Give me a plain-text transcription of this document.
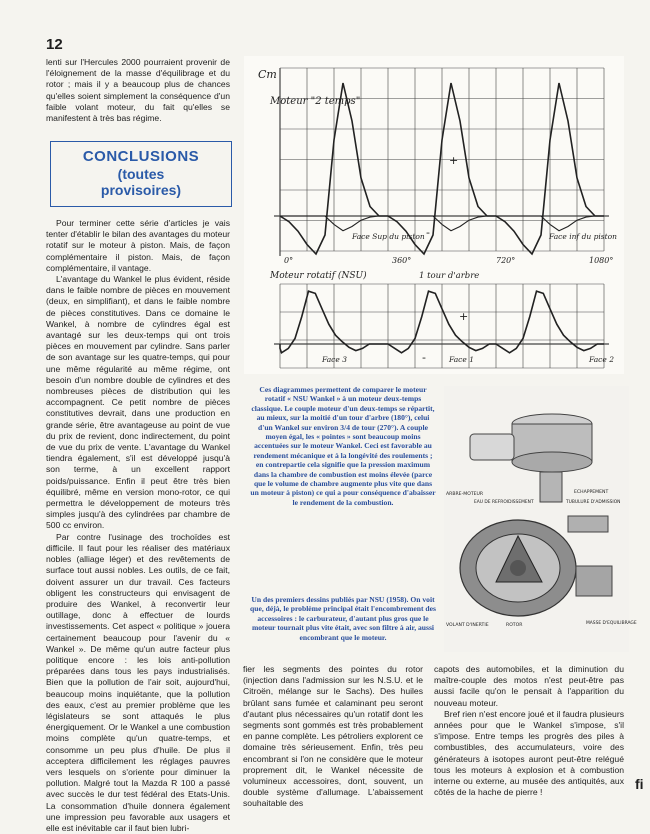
12

lenti sur l'Hercules 2000 pourraient provenir de l'éloignement de la masse d'équilibrage et du rotor ; mais il y a beaucoup plus de chances qu'elles soient simplement la conséquence d'un faible volant moteur, du fait qu'elles se manifestent à très bas régime.

CONCLUSIONS
(toutes
provisoires)

Pour terminer cette série d'articles je vais tenter d'établir le bilan des avantages du moteur rotatif sur le moteur à piston. Mais, de façon complémentaire il piston. Mais, de façon complémentaire, il vantage.

L'avantage du Wankel le plus évident, réside dans le faible nombre de pièces en mouvement (deux, en simplifiant), et dans le faible nombre de pièces constitutives. Dans ce domaine le Wankel, à nombre de cylindres égal est avantagé sur les deux-temps qui ont trois pièces en mouvement par cylindre. Sans parler de son avantage sur les quatre-temps, qui pour une même régularité au même régime, ont besoin d'un nombre double de cylindres et des nombreuses pièces de distribution qui les accompagnent. Ce petit nombre de pièces constitutives devrait, dans une production en grande série, être avantageuse au point de vue du prix de revient, donc indirectement, du point de vue du prix de vente. L'avantage du Wankel tiendra également, s'il est développé jusqu'à son terme, à un excellent rapport poids/puissance. Enfin il peut être très bien équilibré, même en version mono-rotor, ce qui permettra le développement de moteurs très simples jusqu'à des cylindrées par chambre de 500 cc environ.

Par contre l'usinage des trochoïdes est difficile. Il faut pour les réaliser des matériaux nobles (alliage léger) et des revêtements de surface tout aussi nobles. Les outils, de ce fait, doivent assurer un dur travail. Ces facteurs obligent les constructeurs qui envisagent de produire des Wankel, à reconvertir leur outillage, donc à effectuer de lourds investissements. Cet aspect « politique » jouera certainement beaucoup pour l'avenir du « Wankel ». De même qu'un autre facteur plus politique encore : les lois anti-pollution préparées dans tous les pays industrialisés. Bien que la pollution de l'air soit, aujourd'hui, beaucoup moins inquiétante, que la pollution des eaux, c'est au premier problème que les législateurs se sont attaqués le plus énergiquement. Or le Wankel a une combustion moins complète qu'un quatre-temps, et consomme un peu plus d'huile. De plus il acceptera difficilement les réglages pauvres vers lesquels on s'oriente pour diminuer la pollution. Malgré tout la Mazda R 100 a passé avec succès le dur test fédéral des Etats-Unis. La consommation d'huile donnera également une impression peu favorable aux usagers et elle est inévitable car il faut bien lubri-

Cm
Moteur "2 temps"
Face Sup du piston	Face inf du piston
+
-
0°	360°	720°	1080°
Moteur rotatif (NSU)	1 tour d'arbre
Face 1	Face 2
Face 3
+
-
Ces diagrammes permettent de comparer le moteur rotatif « NSU Wankel » à un moteur deux-temps classique. Le couple moteur d'un deux-temps se répartit, au mieux, sur la moitié d'un tour d'arbre (180°), celui d'un Wankel sur environ 3/4 de tour (270°). A couple moyen égal, les « pointes » sont beaucoup moins accentuées sur le moteur Wankel. Ceci est favorable au rendement mécanique et à la longévité des roulements ; en contrepartie cela signifie que la pression maximum dans la chambre de combustion est moins élevée (parce que le volume de chambre augmente plus vite que dans un moteur à piston) ce qui a pour conséquence d'abaisser le rendement de la combustion.
ARBRE-MOTEUR
EAU DE REFROIDISSEMENT
ECHAPPEMENT
TUBULURE D'ADMISSION
VOLANT D'INERTIE	ROTOR	MASSE D'EQUILIBRAGE
Un des premiers dessins publiés par NSU (1958). On voit que, déjà, le problème principal était l'encombrement des accessoires : le carburateur, d'autant plus gros que le moteur tournait plus vite était, avec son filtre à air, aussi encombrant que le moteur.

fier les segments des pointes du rotor (injection dans l'admission sur les N.S.U. et le Citroën, mélange sur le Sachs). Des huiles brûlant sans fumée et calaminant peu seront d'autant plus nécessaires qu'un rotatif dont les segments sont gommés est très probablement en panne complète. Les pétroliers explorent ce domaine très sérieusement. Enfin, très peu encombrant si l'on ne considère que le moteur proprement dit, le Wankel nécessite de volumineux accessoires, dont, souvent, un double système d'allumage. L'abaissement souhaitable des

capots des automobiles, et la diminution du maître-couple des motos n'est peut-être pas aussi facile qu'on le pensait à l'apparition du nouveau moteur.

Bref rien n'est encore joué et il faudra plusieurs années pour que le Wankel s'impose, s'il s'impose. Entre temps les progrès des piles à combustibles, des accumulateurs, voire des générateurs à isotopes auront peut-être relégué tous les moteurs à explosion et à combustion interne ou externe, au musée des antiquités, aux côtés de la hache de pierre !

fi
